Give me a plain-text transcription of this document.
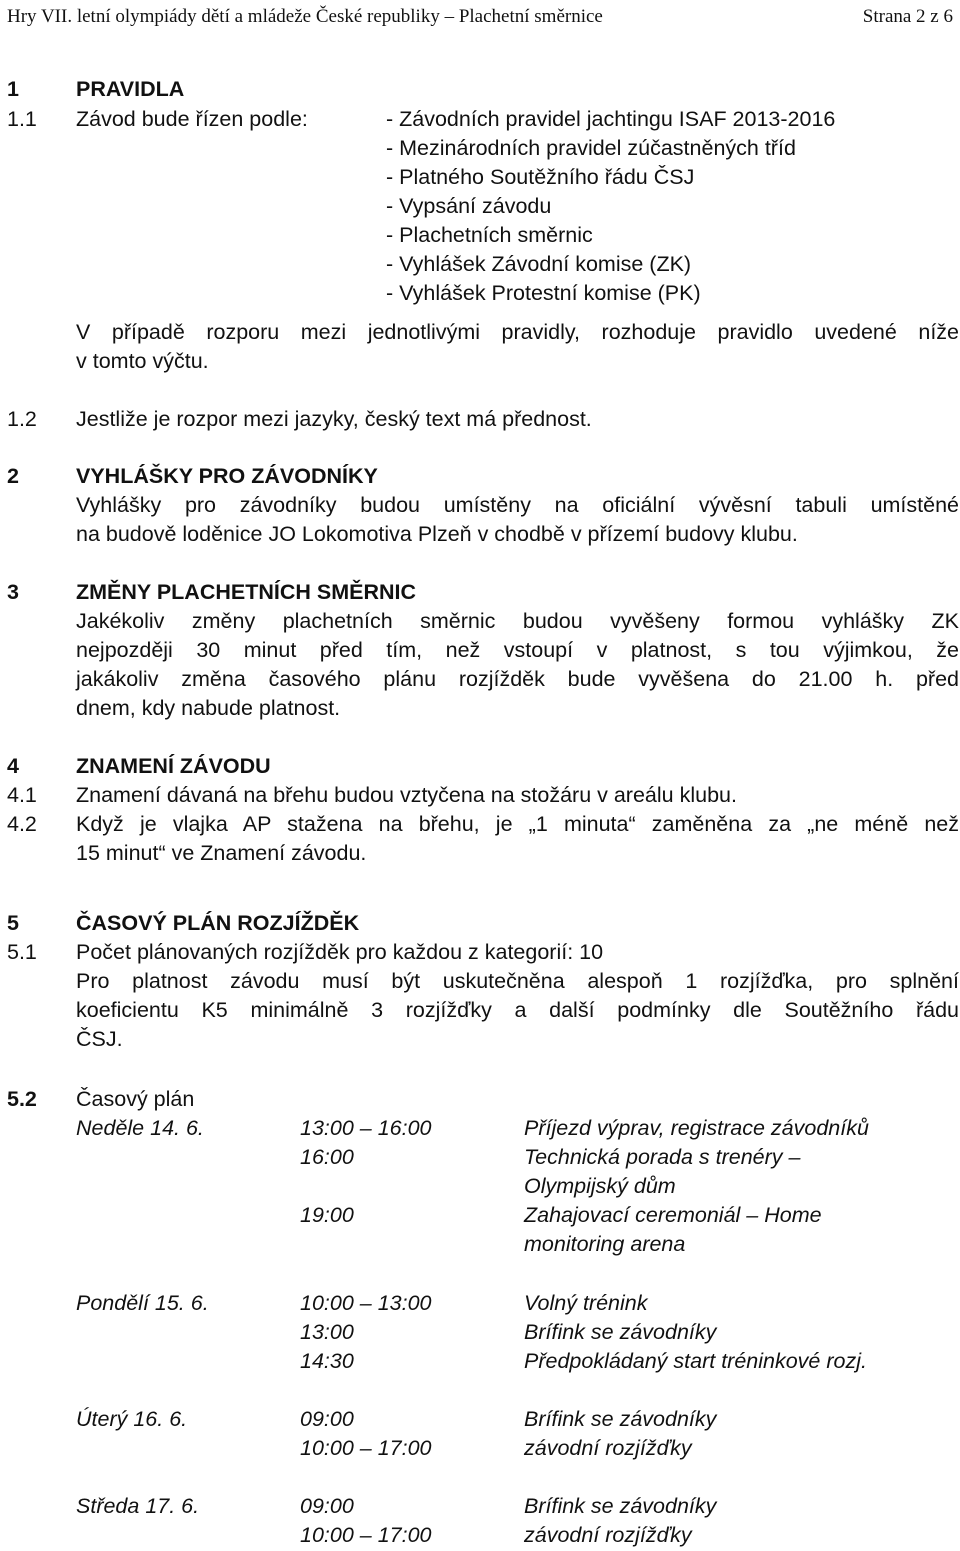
Hry VII. letní olympiády dětí a mládeže České republiky – Plachetní směrnice	Strana 2 z 6
1	PRAVIDLA
1.1 Závod bude řízen podle:	- Závodních pravidel jachtingu ISAF 2013-2016
- Mezinárodních pravidel zúčastněných tříd
- Platného Soutěžního řádu ČSJ
- Vypsání závodu
- Plachetních směrnic
- Vyhlášek Závodní komise (ZK)
- Vyhlášek Protestní komise (PK)
V případě rozporu mezi jednotlivými pravidly, rozhoduje pravidlo uvedené níže
v tomto výčtu.
1.2 Jestliže je rozpor mezi jazyky, český text má přednost.
2	VYHLÁŠKY PRO ZÁVODNÍKY
Vyhlášky pro závodníky budou umístěny na oficiální vývěsní tabuli umístěné
na budově loděnice JO Lokomotiva Plzeň v chodbě v přízemí budovy klubu.
3	ZMĚNY PLACHETNÍCH SMĚRNIC
Jakékoliv změny plachetních směrnic budou vyvěšeny formou vyhlášky ZK
nejpozději 30 minut před tím, než vstoupí v platnost, s tou výjimkou, že
jakákoliv změna časového plánu rozjížděk bude vyvěšena do 21.00 h. před
dnem, kdy nabude platnost.
4	ZNAMENÍ ZÁVODU
4.1 Znamení dávaná na břehu budou vztyčena na stožáru v areálu klubu.
4.2 Když je vlajka AP stažena na břehu, je „1 minuta“ zaměněna za „ne méně než
15 minut“ ve Znamení závodu.
5	ČASOVÝ PLÁN ROZJÍŽDĚK
5.1 Počet plánovaných rozjížděk pro každou z kategorií: 10
Pro platnost závodu musí být uskutečněna alespoň 1 rozjížďka, pro splnění
koeficientu K5 minimálně 3 rozjížďky a další podmínky dle Soutěžního řádu
ČSJ.
5.2 Časový plán
Neděle 14. 6.	13:00 – 16:00	Příjezd výprav, registrace závodníků
16:00	Technická porada s trenéry –
Olympijský dům
19:00	Zahajovací ceremoniál – Home
monitoring arena
Pondělí 15. 6.	10:00 – 13:00	Volný trénink
13:00	Brífink se závodníky
14:30	Předpokládaný start tréninkové rozj.
Úterý 16. 6.	09:00	Brífink se závodníky
10:00 – 17:00	závodní rozjížďky
Středa 17. 6.	09:00	Brífink se závodníky
10:00 – 17:00	závodní rozjížďky
